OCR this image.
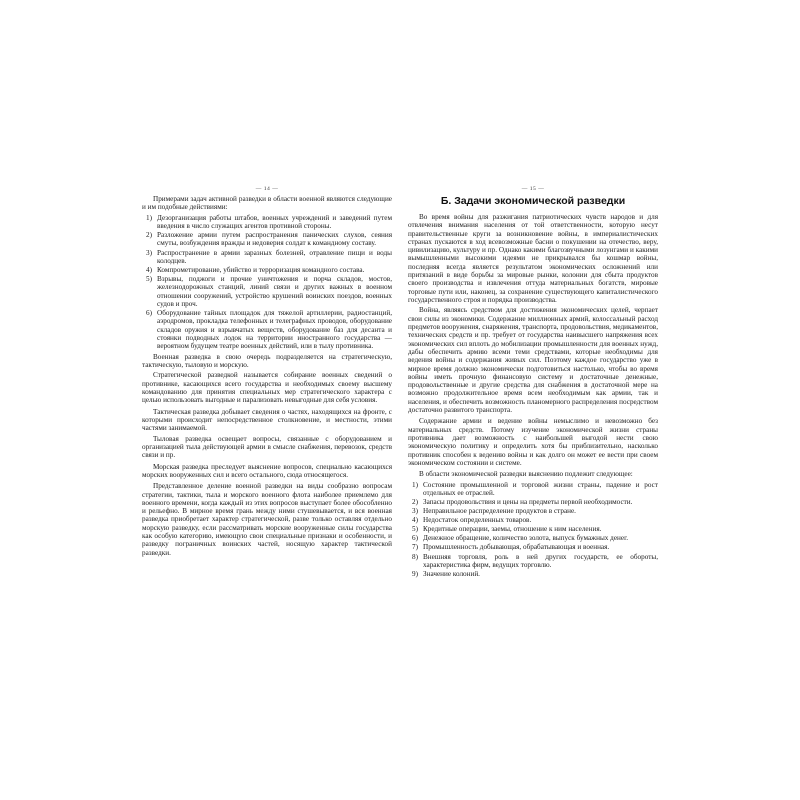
— 14 —

Примерами задач активной разведки в области военной являются следующие и им подобные действиями:

1) Дезорганизация работы штабов, военных учреждений и заведений путем введения в число служащих агентов противной стороны.
2) Разложение армии путем распространения панических слухов, сеяния смуты, возбуждения вражды и недоверия солдат к командному составу.
3) Распространение в армии заразных болезней, отравление пищи и воды колодцев.
4) Компрометирование, убийство и терроризация командного состава.
5) Взрывы, поджоги и прочие уничтожения и порча складов, мостов, железнодорожных станций, линий связи и других важных в военном отношении сооружений, устройство крушений воинских поездов, военных судов и проч.
6) Оборудование тайных площадок для тяжелой артиллерии, радиостанций, аэродромов, прокладка телефонных и телеграфных проводов, оборудование складов оружия и взрывчатых веществ, оборудование баз для десанта и стоянки подводных лодок на территории иностранного государства — вероятном будущем театре военных действий, или в тылу противника.

Военная разведка в свою очередь подразделяется на стратегическую, тактическую, тыловую и морскую.

Стратегической разведкой называется собирание военных сведений о противнике, касающихся всего государства и необходимых своему высшему командованию для принятия специальных мер стратегического характера с целью использовать выгодные и парализовать невыгодные для себя условия.

Тактическая разведка добывает сведения о частях, находящихся на фронте, с которыми происходит непосредственное столкновение, и местности, этими частями занимаемой.

Тыловая разведка освещает вопросы, связанные с оборудованием и организацией тыла действующей армии в смысле снабжения, перевозок, средств связи и пр.

Морская разведка преследует выяснение вопросов, специально касающихся морских вооруженных сил и всего остального, сюда относящегося.

Представленное деление военной разведки на виды сообразно вопросам стратегии, тактики, тыла и морского военного флота наиболее приемлемо для военного времени, когда каждый из этих вопросов выступает более обособленно и рельефно. В мирное время грань между ними стушевывается, и вся военная разведка приобретает характер стратегической, разве только оставляя отдельно морскую разведку, если рассматривать морские вооруженные силы государства как особую категорию, имеющую свои специальные признаки и особенности, и разведку пограничных воинских частей, носящую характер тактической разведки.

— 15 —
Б. Задачи экономической разведки

Во время войны для разжигания патриотических чувств народов и для отвлечения внимания населения от той ответственности, которую несут правительственные круги за возникновение войны, в империалистических странах пускаются в ход всевозможные басни о покушении на отечество, веру, цивилизацию, культуру и пр. Однако какими благозвучными лозунгами и какими вымышленными высокими идеями не прикрывался бы кошмар войны, последняя всегда является результатом экономических осложнений или притязаний в виде борьбы за мировые рынки, колонии для сбыта продуктов своего производства и извлечения оттуда материальных богатств, мировые торговые пути или, наконец, за сохранение существующего капиталистического государственного строя и порядка производства.

Война, являясь средством для достижения экономических целей, черпает свои силы из экономики. Содержание миллионных армий, колоссальный расход предметов вооружения, снаряжения, транспорта, продовольствия, медикаментов, технических средств и пр. требует от государства наивысшего напряжения всех экономических сил вплоть до мобилизации промышленности для военных нужд, дабы обеспечить армию всеми теми средствами, которые необходимы для ведения войны и содержания живых сил. Поэтому каждое государство уже в мирное время должно экономически подготовиться настолько, чтобы во время войны иметь прочную финансовую систему и достаточные денежные, продовольственные и другие средства для снабжения в достаточной мере на возможно продолжительное время всем необходимым как армии, так и населения, и обеспечить возможность планомерного распределения посредством достаточно развитого транспорта.

Содержание армии и ведение войны немыслимо и невозможно без материальных средств. Потому изучение экономической жизни страны противника дает возможность с наибольшей выгодой нести свою экономическую политику и определить хотя бы приблизительно, насколько противник способен к ведению войны и как долго он может ее вести при своем экономическом состоянии и системе.

В области экономической разведки выяснению подлежит следующее:

1) Состояние промышленной и торговой жизни страны, падение и рост отдельных ее отраслей.
2) Запасы продовольствия и цены на предметы первой необходимости.
3) Неправильное распределение продуктов в стране.
4) Недостаток определенных товаров.
5) Кредитные операции, заемы, отношение к ним населения.
6) Денежное обращение, количество золота, выпуск бумажных денег.
7) Промышленность добывающая, обрабатывающая и военная.
8) Внешняя торговля, роль в ней других государств, ее обороты, характеристика фирм, ведущих торговлю.
9) Значение колоний.
